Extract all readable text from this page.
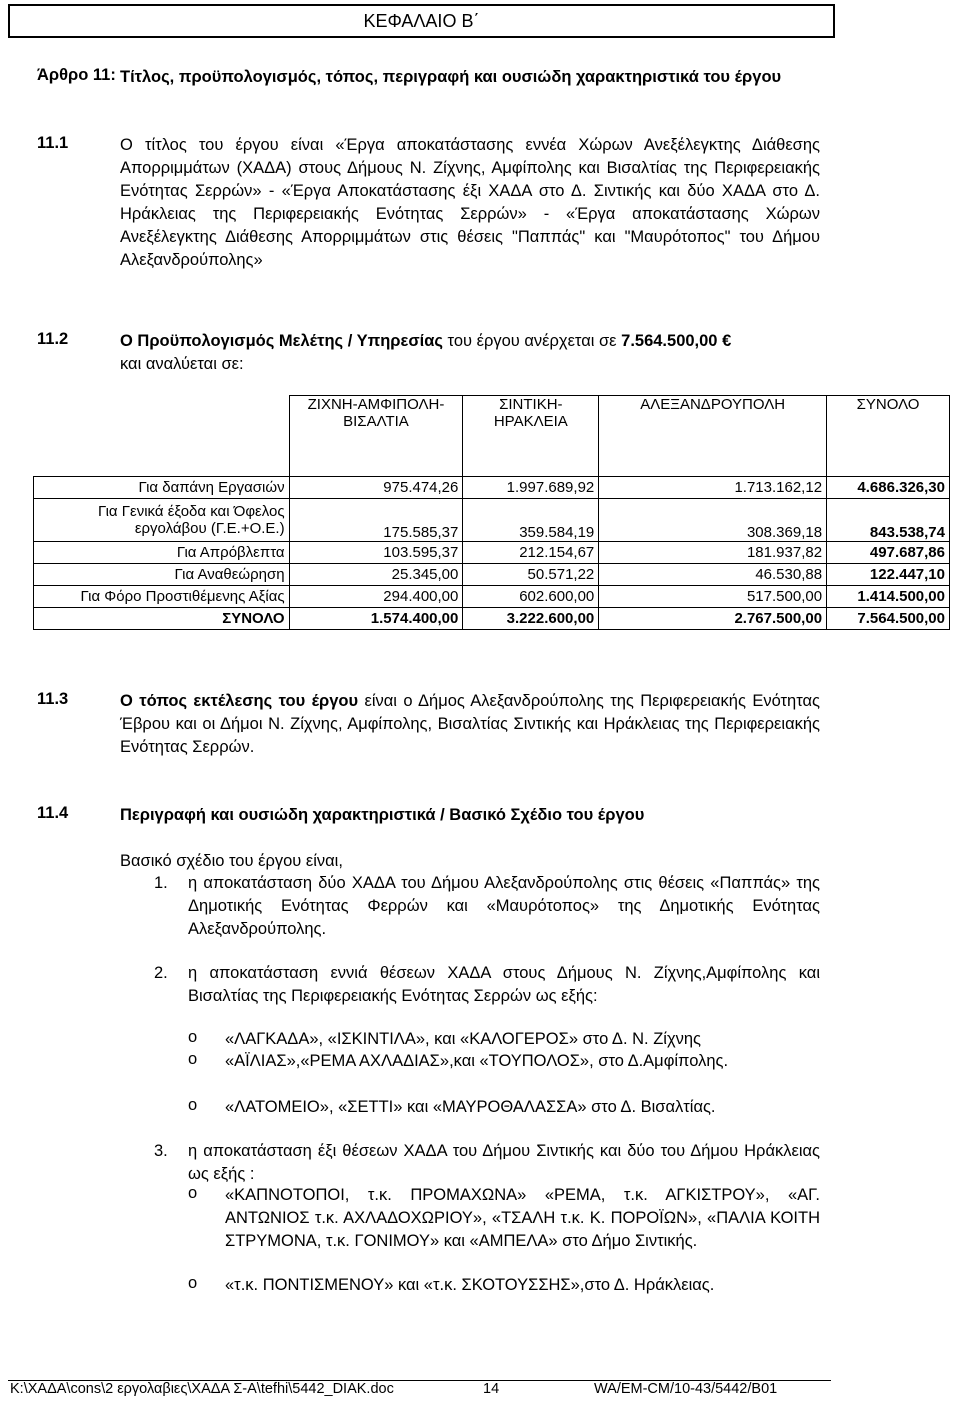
ΚΕΦΑΛΑΙΟ Β΄
Άρθρο 11: Τίτλος, προϋπολογισμός, τόπος, περιγραφή και ουσιώδη χαρακτηριστικά του έργου
11.1	Ο τίτλος του έργου είναι «Έργα αποκατάστασης εννέα Χώρων Ανεξέλεγκτης Διάθεσης Απορριμμάτων (ΧΑΔΑ) στους Δήμους Ν. Ζίχνης, Αμφίπολης και Βισαλτίας της Περιφερειακής Ενότητας Σερρών» - «Έργα Αποκατάστασης έξι ΧΑΔΑ στο Δ. Σιντικής και δύο ΧΑΔΑ στο Δ. Ηράκλειας της Περιφερειακής Ενότητας Σερρών» - «Έργα αποκατάστασης Χώρων Ανεξέλεγκτης Διάθεσης Απορριμμάτων στις θέσεις "Παππάς" και "Μαυρότοπος" του Δήμου Αλεξανδρούπολης»
11.2	Ο Προϋπολογισμός Μελέτης / Υπηρεσίας του έργου ανέρχεται σε 7.564.500,00 €
και αναλύεται σε:
	ΖΙΧΝΗ-ΑΜΦΙΠΟΛΗ-ΒΙΣΑΛΤΙΑ	ΣΙΝΤΙΚΗ-ΗΡΑΚΛΕΙΑ	ΑΛΕΞΑΝΔΡΟΥΠΟΛΗ	ΣΥΝΟΛΟ
Για δαπάνη Εργασιών	975.474,26	1.997.689,92	1.713.162,12	4.686.326,30
Για Γενικά έξοδα και Όφελος εργολάβου (Γ.Ε.+Ο.Ε.)	175.585,37	359.584,19	308.369,18	843.538,74
Για Απρόβλεπτα	103.595,37	212.154,67	181.937,82	497.687,86
Για Αναθεώρηση	25.345,00	50.571,22	46.530,88	122.447,10
Για Φόρο Προστιθέμενης Αξίας	294.400,00	602.600,00	517.500,00	1.414.500,00
ΣΥΝΟΛΟ	1.574.400,00	3.222.600,00	2.767.500,00	7.564.500,00
11.3	Ο τόπος εκτέλεσης του έργου είναι ο Δήμος Αλεξανδρούπολης της Περιφερειακής Ενότητας Έβρου και οι Δήμοι Ν. Ζίχνης, Αμφίπολης, Βισαλτίας Σιντικής και Ηράκλειας της Περιφερειακής Ενότητας Σερρών.
11.4	Περιγραφή και ουσιώδη χαρακτηριστικά / Βασικό Σχέδιο του έργου
Βασικό σχέδιο του έργου είναι,
1. η αποκατάσταση δύο ΧΑΔΑ του Δήμου Αλεξανδρούπολης στις θέσεις «Παππάς» της Δημοτικής Ενότητας Φερρών και «Μαυρότοπος» της Δημοτικής Ενότητας Αλεξανδρούπολης.
2. η αποκατάσταση εννιά θέσεων ΧΑΔΑ στους Δήμους Ν. Ζίχνης,Αμφίπολης και Βισαλτίας της Περιφερειακής Ενότητας Σερρών ως εξής:
o «ΛΑΓΚΑΔΑ», «ΙΣΚΙΝΤΙΛΑ», και «ΚΑΛΟΓΕΡΟΣ» στο Δ. Ν. Ζίχνης
o «ΑΪΛΙΑΣ»,«ΡΕΜΑ ΑΧΛΑΔΙΑΣ»,και «ΤΟΥΠΟΛΟΣ», στο Δ.Αμφίπολης.
o «ΛΑΤΟΜΕΙΟ», «ΣΕΤΤΙ» και «ΜΑΥΡΟΘΑΛΑΣΣΑ» στο Δ. Βισαλτίας.
3. η αποκατάσταση έξι θέσεων ΧΑΔΑ του Δήμου Σιντικής και δύο του Δήμου Ηράκλειας ως εξής :
o «ΚΑΠΝΟΤΟΠΟΙ, τ.κ. ΠΡΟΜΑΧΩΝΑ» «ΡΕΜΑ, τ.κ. ΑΓΚΙΣΤΡΟΥ», «ΑΓ. ΑΝΤΩΝΙΟΣ τ.κ. ΑΧΛΑΔΟΧΩΡΙΟΥ», «ΤΣΑΛΗ τ.κ. Κ. ΠΟΡΟΪΩΝ», «ΠΑΛΙΑ ΚΟΙΤΗ ΣΤΡΥΜΟΝΑ, τ.κ. ΓΟΝΙΜΟΥ» και «ΑΜΠΕΛΑ» στο Δήμο Σιντικής.
o «τ.κ. ΠΟΝΤΙΣΜΕΝΟΥ» και «τ.κ. ΣΚΟΤΟΥΣΣΗΣ»,στο Δ. Ηράκλειας.
K:\ΧΑΔΑ\cons\2 εργολαβιες\ΧΑΔΑ Σ-Α\tefhi\5442_DIAK.doc	14	WA/EM-CM/10-43/5442/B01
